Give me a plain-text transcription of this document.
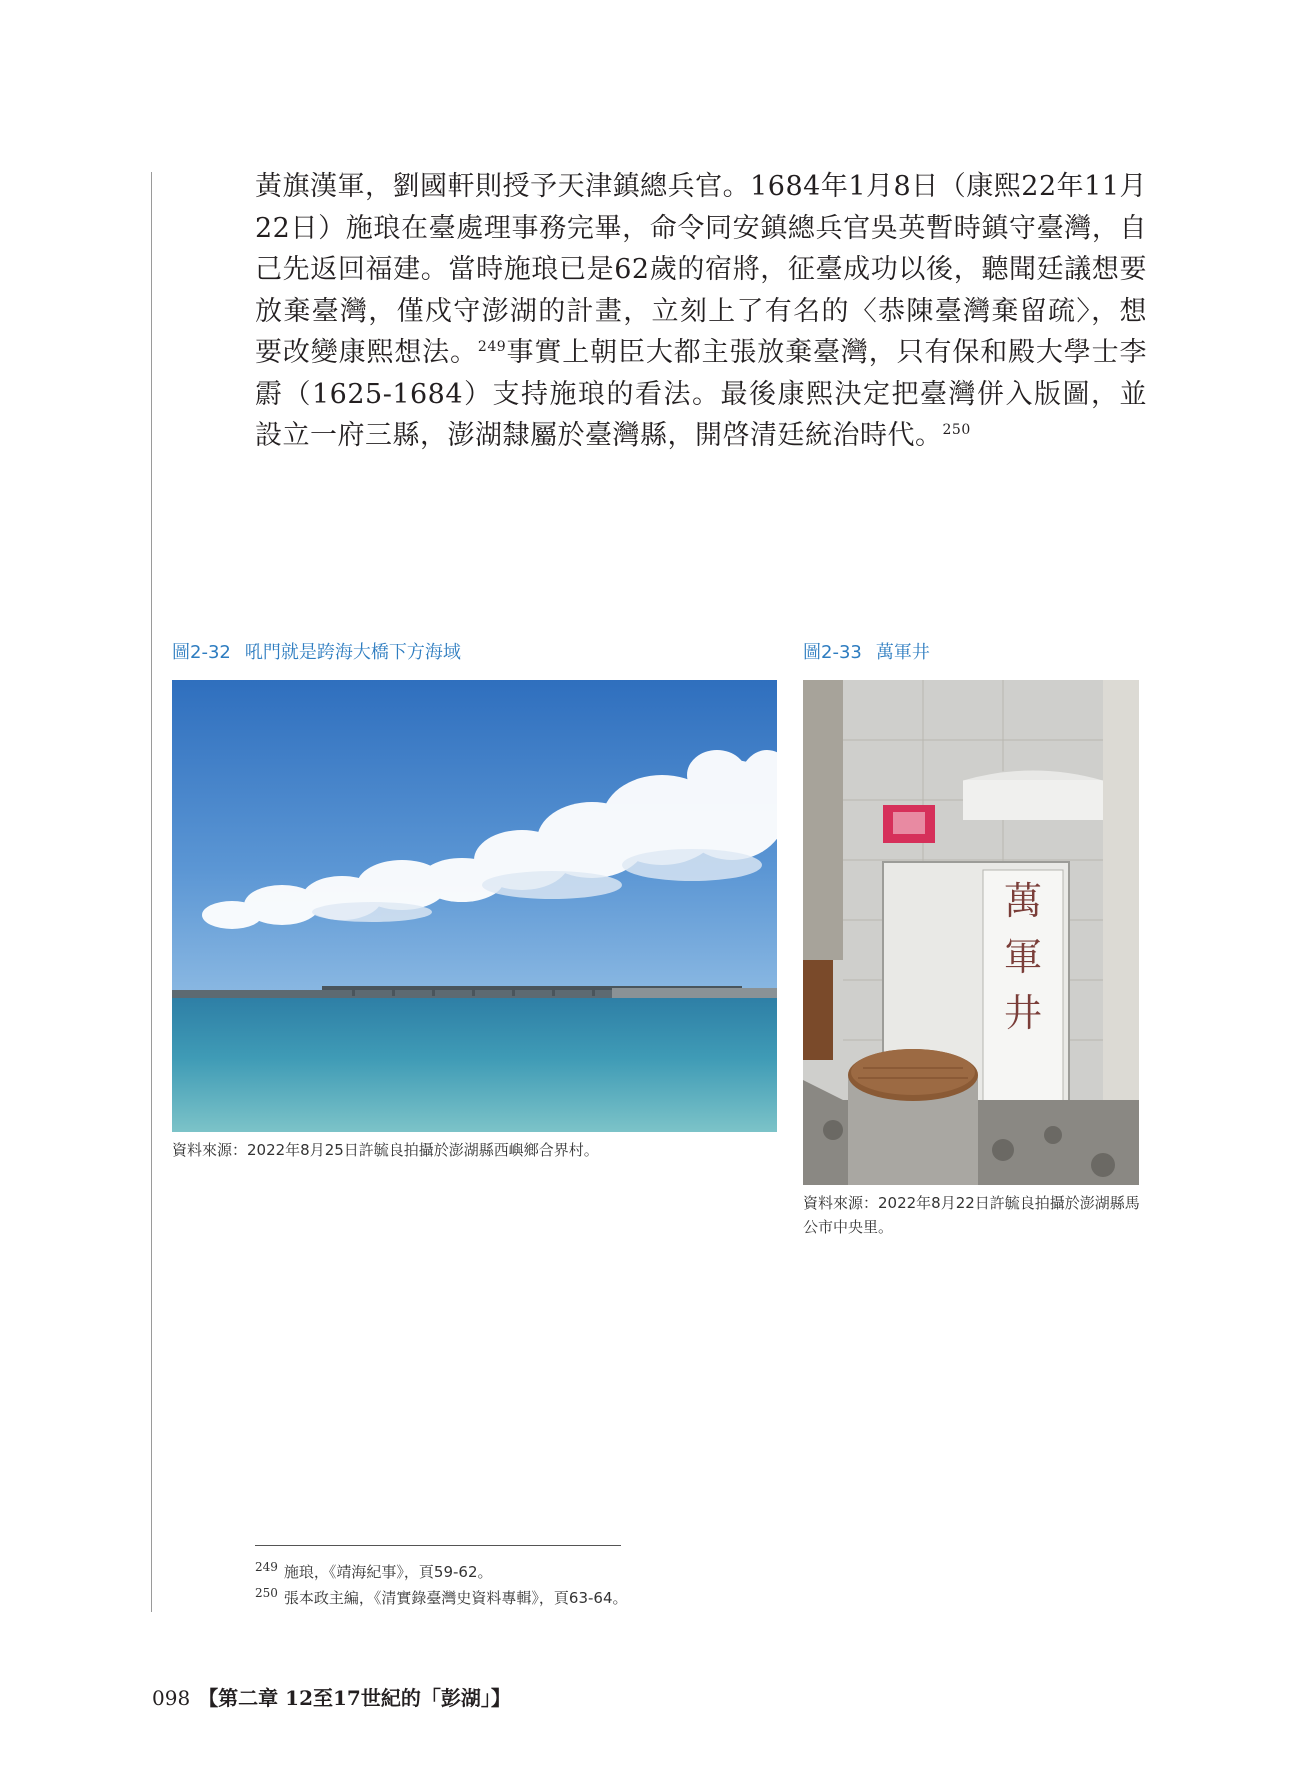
黃旗漢軍，劉國軒則授予天津鎮總兵官。1684年1月8日（康熙22年11月22日）施琅在臺處理事務完畢，命令同安鎮總兵官吳英暫時鎮守臺灣，自己先返回福建。當時施琅已是62歲的宿將，征臺成功以後，聽聞廷議想要放棄臺灣，僅戍守澎湖的計畫，立刻上了有名的〈恭陳臺灣棄留疏〉，想要改變康熙想法。$^{249}$事實上朝臣大都主張放棄臺灣，只有保和殿大學士李霨（1625-1684）支持施琅的看法。最後康熙決定把臺灣併入版圖，並設立一府三縣，澎湖隸屬於臺灣縣，開啓清廷統治時代。$^{250}$

圖2-32 吼門就是跨海大橋下方海域
資料來源：2022年8月25日許毓良拍攝於澎湖縣西嶼鄉合界村。
圖2-33 萬軍井
萬
軍
井
資料來源：2022年8月22日許毓良拍攝於澎湖縣馬公市中央里。
$^{249}$ 施琅，《靖海紀事》，頁59-62。
$^{250}$ 張本政主編，《清實錄臺灣史資料專輯》，頁63-64。
098 【第二章 12至17世紀的「彭湖」】
